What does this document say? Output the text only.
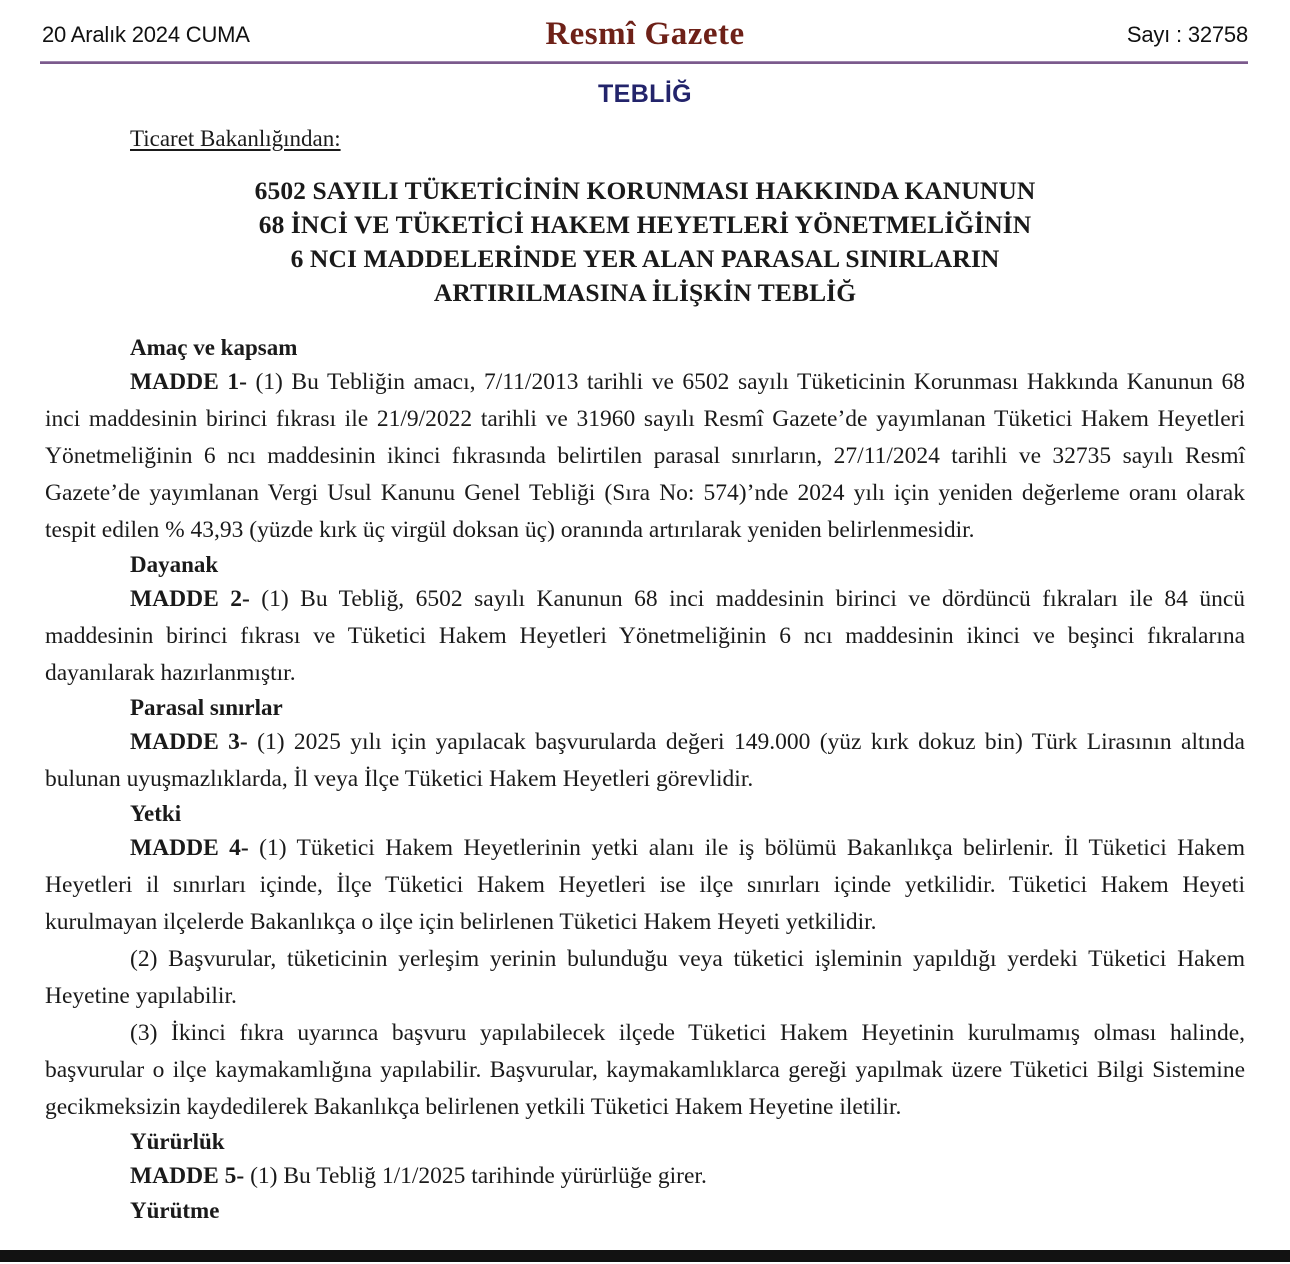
20 Aralık 2024 CUMA	Resmî Gazete	Sayı : 32758
TEBLİĞ
Ticaret Bakanlığından:
6502 SAYILI TÜKETİCİNİN KORUNMASI HAKKINDA KANUNUN
68 İNCİ VE TÜKETİCİ HAKEM HEYETLERİ YÖNETMELİĞİNİN
6 NCI MADDELERİNDE YER ALAN PARASAL SINIRLARIN
ARTIRILMASINA İLİŞKİN TEBLİĞ
Amaç ve kapsam

MADDE 1- (1) Bu Tebliğin amacı, 7/11/2013 tarihli ve 6502 sayılı Tüketicinin Korunması Hakkında Kanunun 68 inci maddesinin birinci fıkrası ile 21/9/2022 tarihli ve 31960 sayılı Resmî Gazete’de yayımlanan Tüketici Hakem Heyetleri Yönetmeliğinin 6 ncı maddesinin ikinci fıkrasında belirtilen parasal sınırların, 27/11/2024 tarihli ve 32735 sayılı Resmî Gazete’de yayımlanan Vergi Usul Kanunu Genel Tebliği (Sıra No: 574)’nde 2024 yılı için yeniden değerleme oranı olarak tespit edilen % 43,93 (yüzde kırk üç virgül doksan üç) oranında artırılarak yeniden belirlenmesidir.

Dayanak

MADDE 2- (1) Bu Tebliğ, 6502 sayılı Kanunun 68 inci maddesinin birinci ve dördüncü fıkraları ile 84 üncü maddesinin birinci fıkrası ve Tüketici Hakem Heyetleri Yönetmeliğinin 6 ncı maddesinin ikinci ve beşinci fıkralarına dayanılarak hazırlanmıştır.

Parasal sınırlar

MADDE 3- (1) 2025 yılı için yapılacak başvurularda değeri 149.000 (yüz kırk dokuz bin) Türk Lirasının altında bulunan uyuşmazlıklarda, İl veya İlçe Tüketici Hakem Heyetleri görevlidir.

Yetki

MADDE 4- (1) Tüketici Hakem Heyetlerinin yetki alanı ile iş bölümü Bakanlıkça belirlenir. İl Tüketici Hakem Heyetleri il sınırları içinde, İlçe Tüketici Hakem Heyetleri ise ilçe sınırları içinde yetkilidir. Tüketici Hakem Heyeti kurulmayan ilçelerde Bakanlıkça o ilçe için belirlenen Tüketici Hakem Heyeti yetkilidir.

(2) Başvurular, tüketicinin yerleşim yerinin bulunduğu veya tüketici işleminin yapıldığı yerdeki Tüketici Hakem Heyetine yapılabilir.

(3) İkinci fıkra uyarınca başvuru yapılabilecek ilçede Tüketici Hakem Heyetinin kurulmamış olması halinde, başvurular o ilçe kaymakamlığına yapılabilir. Başvurular, kaymakamlıklarca gereği yapılmak üzere Tüketici Bilgi Sistemine gecikmeksizin kaydedilerek Bakanlıkça belirlenen yetkili Tüketici Hakem Heyetine iletilir.

Yürürlük

MADDE 5- (1) Bu Tebliğ 1/1/2025 tarihinde yürürlüğe girer.

Yürütme
